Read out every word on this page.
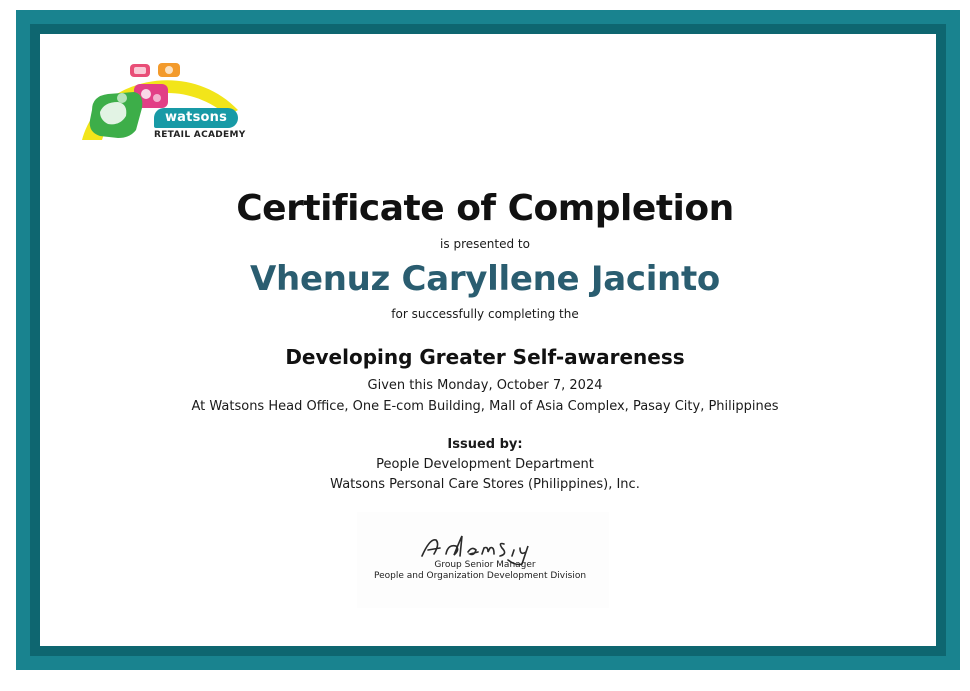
watsons
RETAIL ACADEMY
Certificate of Completion
is presented to
Vhenuz Caryllene Jacinto
for successfully completing the
Developing Greater Self-awareness
Given this Monday, October 7, 2024
At Watsons Head Office, One E-com Building, Mall of Asia Complex, Pasay City, Philippines
Issued by:
People Development Department
Watsons Personal Care Stores (Philippines), Inc.
Group Senior Manager
People and Organization Development Division
